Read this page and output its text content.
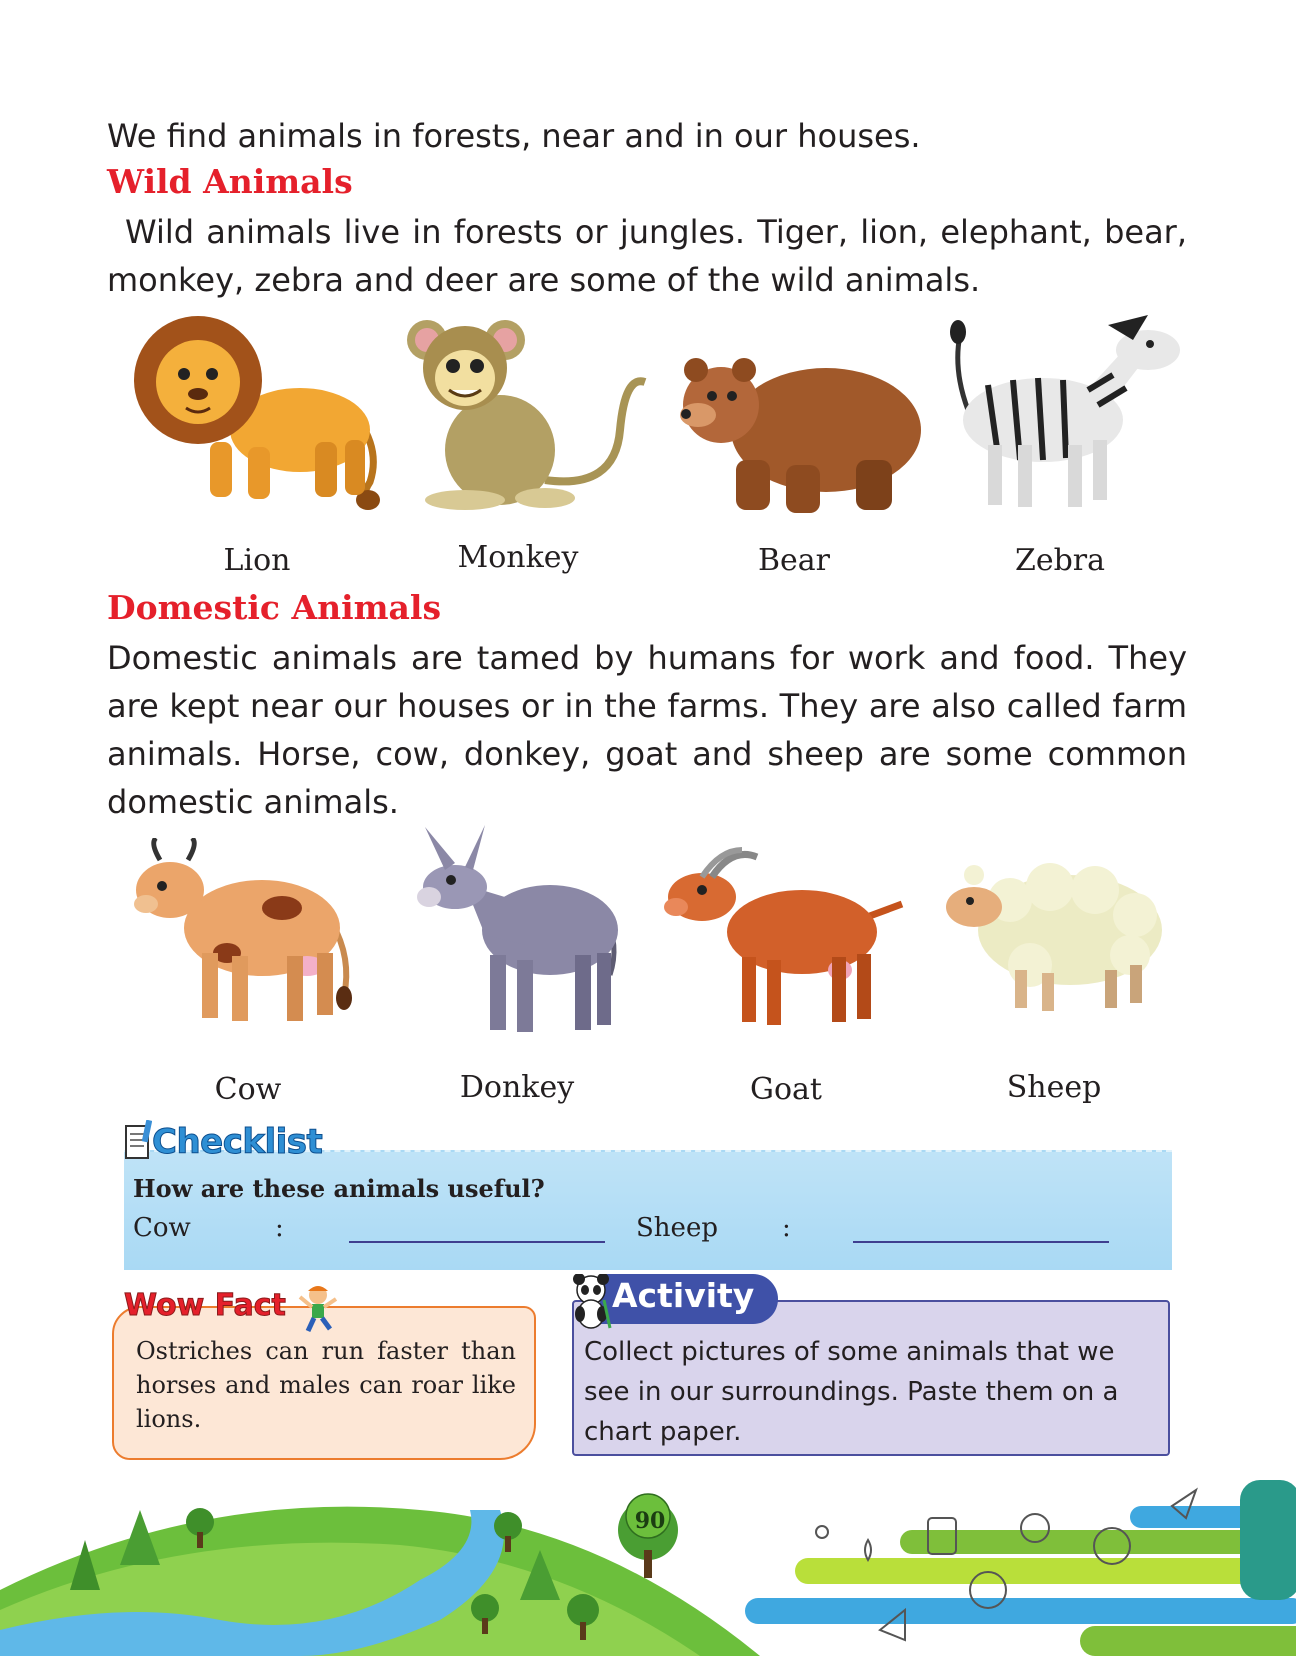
We find animals in forests, near and in our houses.
Wild Animals
Wild animals live in forests or jungles. Tiger, lion, elephant, bear, monkey, zebra and deer are some of the wild animals.
Lion	Monkey	Bear	Zebra
Domestic Animals
Domestic animals are tamed by humans for work and food. They are kept near our houses or in the farms. They are also called farm animals. Horse, cow, donkey, goat and sheep are some common domestic animals.
Cow	Donkey	Goat	Sheep
Checklist
How are these animals useful?
Cow	:	Sheep :
Wow Fact
Ostriches can run faster than horses and males can roar like lions.
Activity
Collect pictures of some animals that we see in our surroundings. Paste them on a chart paper.
90
